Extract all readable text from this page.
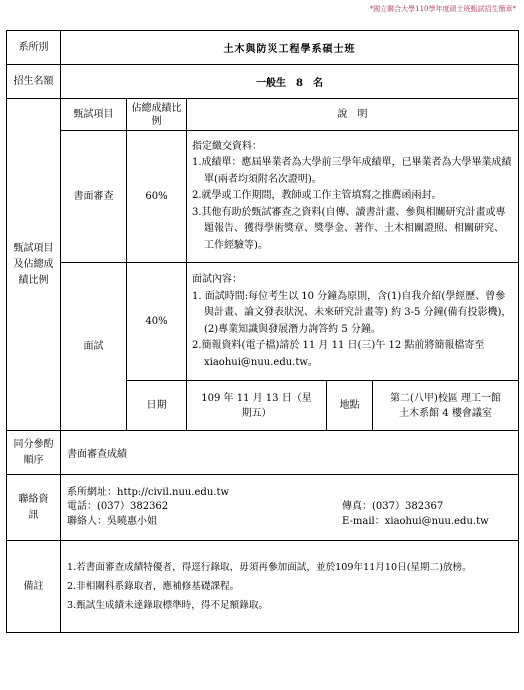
*國立聯合大學110學年度碩士班甄試招生簡章*
系所別	土木與防災工程學系碩士班				
招生名額	一般生　8　名				
甄試項目及佔總成績比例	甄試項目	佔總成績比例	說　明		
	書面審查	60%	指定繳交資料：
1.成績單：應屆畢業者為大學前三學年成績單，已畢業者為大學畢業成績單(兩者均須附名次證明)。
2.就學或工作期間，教師或工作主管填寫之推薦函兩封。
3.其他有助於甄試審查之資料(自傳、讀書計畫、參與相關研究計畫或專題報告、獲得學術獎章、獎學金、著作、土木相關證照、相關研究、工作經驗等)。		

	面試	40%	面試內容：
1. 面試時間:每位考生以 10 分鐘為原則，含(1)自我介紹(學經歷、曾參與計畫、論文發表狀況、未來研究計畫等) 約 3-5 分鐘(備有投影機)，(2)專業知識與發展潛力詢答約 5 分鐘。
2.簡報資料(電子檔)請於 11 月 11 日(三)午 12 點前將簡報檔寄至 xiaohui@nuu.edu.tw。		

		日期	109 年 11 月 13 日（星期五）	地點	第二(八甲)校區 理工一館 土木系館 4 樓會議室
同分參酌順序	書面審查成績				
聯絡資訊	系所網址：http://civil.nuu.edu.tw
電話：(037）382362 傳真：(037）382367
聯絡人：吳曉惠小姐 E-mail：xiaohui@nuu.edu.tw				

備註	1.若書面審查成績特優者，得逕行錄取，毋須再參加面試，並於109年11月10日(星期二)放榜。
2.非相關科系錄取者，應補修基礎課程。
3.甄試生成績未達錄取標準時，得不足額錄取。				
